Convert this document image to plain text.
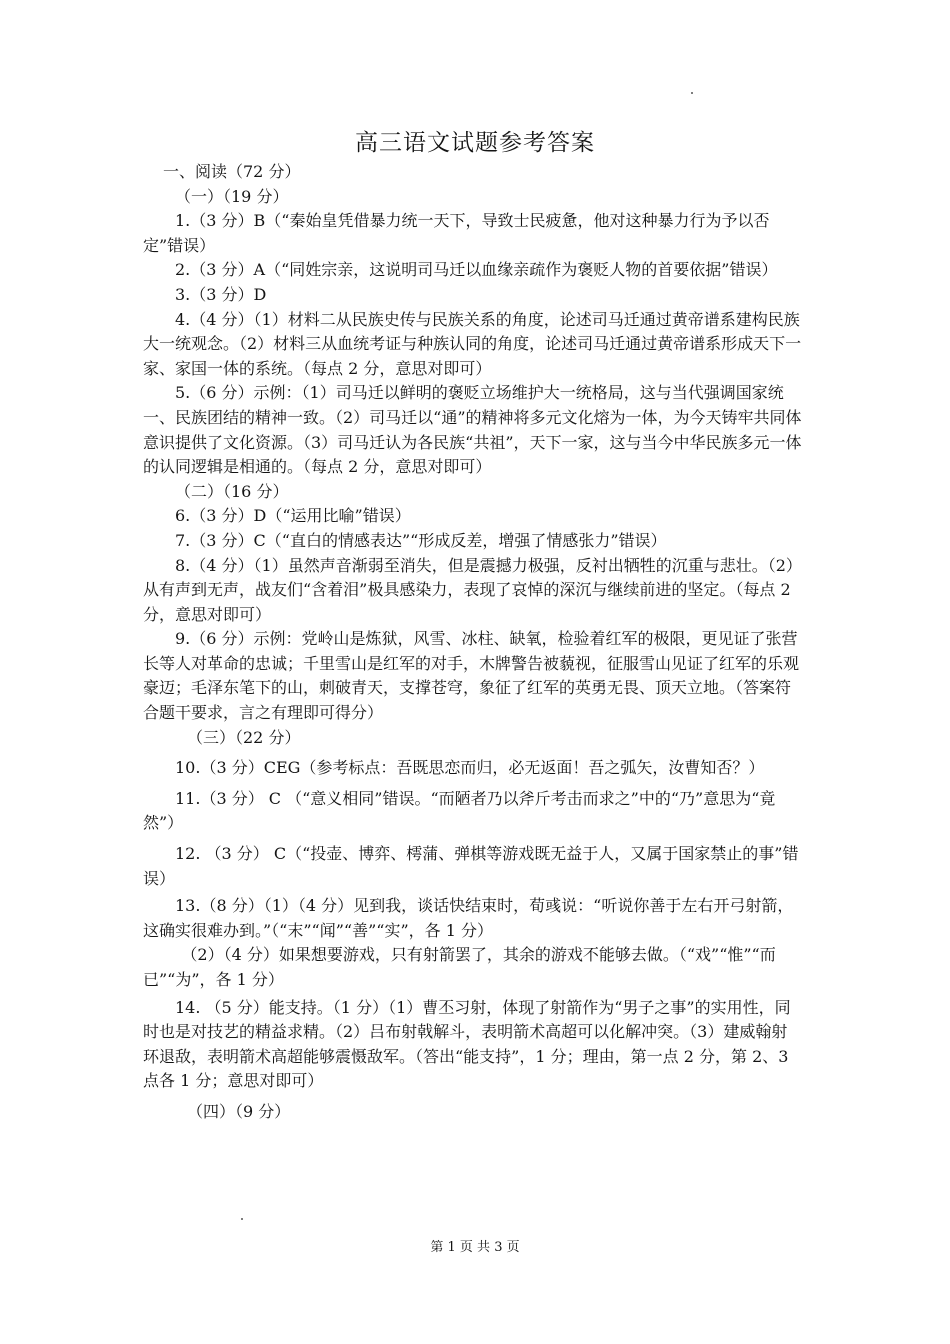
高三语文试题参考答案

一、阅读（72 分）

（一）（19 分）

1.（3 分）B（“秦始皇凭借暴力统一天下，导致士民疲惫，他对这种暴力行为予以否定”错误）

2.（3 分）A（“同姓宗亲，这说明司马迁以血缘亲疏作为褒贬人物的首要依据”错误）

3.（3 分）D

4.（4 分）（1）材料二从民族史传与民族关系的角度，论述司马迁通过黄帝谱系建构民族大一统观念。（2）材料三从血统考证与种族认同的角度，论述司马迁通过黄帝谱系形成天下一家、家国一体的系统。（每点 2 分，意思对即可）

5.（6 分）示例：（1）司马迁以鲜明的褒贬立场维护大一统格局，这与当代强调国家统一、民族团结的精神一致。（2）司马迁以“通”的精神将多元文化熔为一体，为今天铸牢共同体意识提供了文化资源。（3）司马迁认为各民族“共祖”，天下一家，这与当今中华民族多元一体的认同逻辑是相通的。（每点 2 分，意思对即可）

（二）（16 分）

6.（3 分）D（“运用比喻”错误）

7.（3 分）C（“直白的情感表达”“形成反差，增强了情感张力”错误）

8.（4 分）（1）虽然声音渐弱至消失，但是震撼力极强，反衬出牺牲的沉重与悲壮。（2）从有声到无声，战友们“含着泪”极具感染力，表现了哀悼的深沉与继续前进的坚定。（每点 2 分，意思对即可）

9.（6 分）示例：党岭山是炼狱，风雪、冰柱、缺氧，检验着红军的极限，更见证了张营长等人对革命的忠诚；千里雪山是红军的对手，木牌警告被藐视，征服雪山见证了红军的乐观豪迈；毛泽东笔下的山，刺破青天，支撑苍穹，象征了红军的英勇无畏、顶天立地。（答案符合题干要求，言之有理即可得分）

（三）（22 分）

10.（3 分）CEG（参考标点：吾既思恋而归，必无返面！吾之弧矢，汝曹知否？）

11.（3 分） C （“意义相同”错误。“而陋者乃以斧斤考击而求之”中的“乃”意思为“竟然”）

12. （3 分） C（“投壶、博弈、樗蒲、弹棋等游戏既无益于人，又属于国家禁止的事”错误）

13.（8 分）（1）（4 分）见到我，谈话快结束时，荀彧说：“听说你善于左右开弓射箭，这确实很难办到。”（“末”“闻”“善”“实”，各 1 分）

（2）（4 分）如果想要游戏，只有射箭罢了，其余的游戏不能够去做。（“戏”“惟”“而已”“为”，各 1 分）

14. （5 分）能支持。（1 分）（1）曹丕习射，体现了射箭作为“男子之事”的实用性，同时也是对技艺的精益求精。（2）吕布射戟解斗，表明箭术高超可以化解冲突。（3）建威翰射环退敌，表明箭术高超能够震慑敌军。（答出“能支持”，1 分；理由，第一点 2 分，第 2、3 点各 1 分；意思对即可）

（四）（9 分）

第 1 页 共 3 页
